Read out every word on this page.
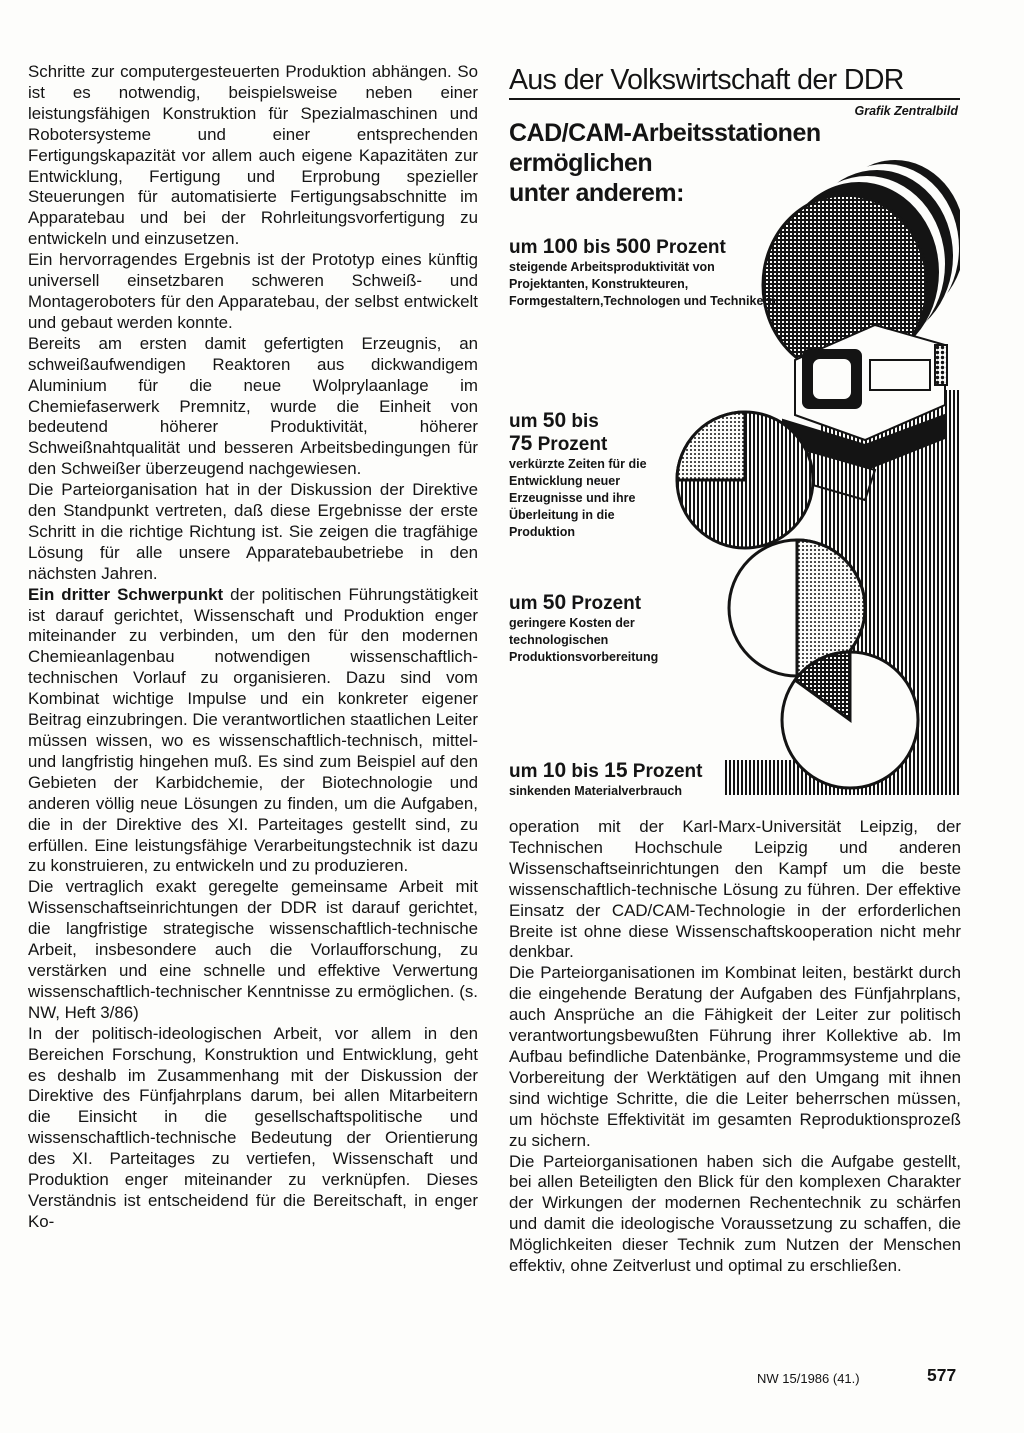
Schritte zur computergesteuerten Produktion abhängen. So ist es notwendig, beispielsweise neben einer leistungsfähigen Konstruktion für Spezialmaschinen und Robotersysteme und einer entsprechenden Fertigungskapazität vor allem auch eigene Kapazitäten zur Entwicklung, Fertigung und Erprobung spezieller Steuerungen für automatisierte Fertigungsabschnitte im Apparatebau und bei der Rohrleitungsvorfertigung zu entwickeln und einzusetzen.

Ein hervorragendes Ergebnis ist der Prototyp eines künftig universell einsetzbaren schweren Schweiß- und Montageroboters für den Apparatebau, der selbst entwickelt und gebaut werden konnte.

Bereits am ersten damit gefertigten Erzeugnis, an schweißaufwendigen Reaktoren aus dickwandigem Aluminium für die neue Wolprylaanlage im Chemiefaserwerk Premnitz, wurde die Einheit von bedeutend höherer Produktivität, höherer Schweißnahtqualität und besseren Arbeitsbedingungen für den Schweißer überzeugend nachgewiesen.

Die Parteiorganisation hat in der Diskussion der Direktive den Standpunkt vertreten, daß diese Ergebnisse der erste Schritt in die richtige Richtung ist. Sie zeigen die tragfähige Lösung für alle unsere Apparatebaubetriebe in den nächsten Jahren.

Ein dritter Schwerpunkt der politischen Führungstätigkeit ist darauf gerichtet, Wissenschaft und Produktion enger miteinander zu verbinden, um den für den modernen Chemieanlagenbau notwendigen wissenschaftlich-technischen Vorlauf zu organisieren. Dazu sind vom Kombinat wichtige Impulse und ein konkreter eigener Beitrag einzubringen. Die verantwortlichen staatlichen Leiter müssen wissen, wo es wissenschaftlich-technisch, mittel- und langfristig hingehen muß. Es sind zum Beispiel auf den Gebieten der Karbidchemie, der Biotechnologie und anderen völlig neue Lösungen zu finden, um die Aufgaben, die in der Direktive des XI. Parteitages gestellt sind, zu erfüllen. Eine leistungsfähige Verarbeitungstechnik ist dazu zu konstruieren, zu entwickeln und zu produzieren.

Die vertraglich exakt geregelte gemeinsame Arbeit mit Wissenschaftseinrichtungen der DDR ist darauf gerichtet, die langfristige strategische wissenschaftlich-technische Arbeit, insbesondere auch die Vorlaufforschung, zu verstärken und eine schnelle und effektive Verwertung wissenschaftlich-technischer Kenntnisse zu ermöglichen. (s. NW, Heft 3/86)

In der politisch-ideologischen Arbeit, vor allem in den Bereichen Forschung, Konstruktion und Entwicklung, geht es deshalb im Zusammenhang mit der Diskussion der Direktive des Fünfjahrplans darum, bei allen Mitarbeitern die Einsicht in die gesellschaftspolitische und wissenschaftlich-technische Bedeutung der Orientierung des XI. Parteitages zu vertiefen, Wissenschaft und Produktion enger miteinander zu verknüpfen. Dieses Verständnis ist entscheidend für die Bereitschaft, in enger Ko-

Aus der Volkswirtschaft der DDR
Grafik Zentralbild
CAD/CAM-Arbeitsstationen
ermöglichen
unter anderem:
um 100 bis 500 Prozent
steigende Arbeitsproduktivität von Projektanten, Konstrukteuren, Formgestaltern,Technologen und Technikern
um 50 bis
75 Prozent
verkürzte Zeiten für die Entwicklung neuer Erzeugnisse und ihre Überleitung in die Produktion
um 50 Prozent
geringere Kosten der technologischen Produktionsvorbereitung
um 10 bis 15 Prozent
sinkenden Materialverbrauch

operation mit der Karl-Marx-Universität Leipzig, der Technischen Hochschule Leipzig und anderen Wissenschaftseinrichtungen den Kampf um die beste wissenschaftlich-technische Lösung zu führen. Der effektive Einsatz der CAD/CAM-Technologie in der erforderlichen Breite ist ohne diese Wissenschaftskooperation nicht mehr denkbar.

Die Parteiorganisationen im Kombinat leiten, bestärkt durch die eingehende Beratung der Aufgaben des Fünfjahrplans, auch Ansprüche an die Fähigkeit der Leiter zur politisch verantwortungsbewußten Führung ihrer Kollektive ab. Im Aufbau befindliche Datenbänke, Programmsysteme und die Vorbereitung der Werktätigen auf den Umgang mit ihnen sind wichtige Schritte, die die Leiter beherrschen müssen, um höchste Effektivität im gesamten Reproduktionsprozeß zu sichern.

Die Parteiorganisationen haben sich die Aufgabe gestellt, bei allen Beteiligten den Blick für den komplexen Charakter der Wirkungen der modernen Rechentechnik zu schärfen und damit die ideologische Voraussetzung zu schaffen, die Möglichkeiten dieser Technik zum Nutzen der Menschen effektiv, ohne Zeitverlust und optimal zu erschließen.

NW 15/1986 (41.)	577
